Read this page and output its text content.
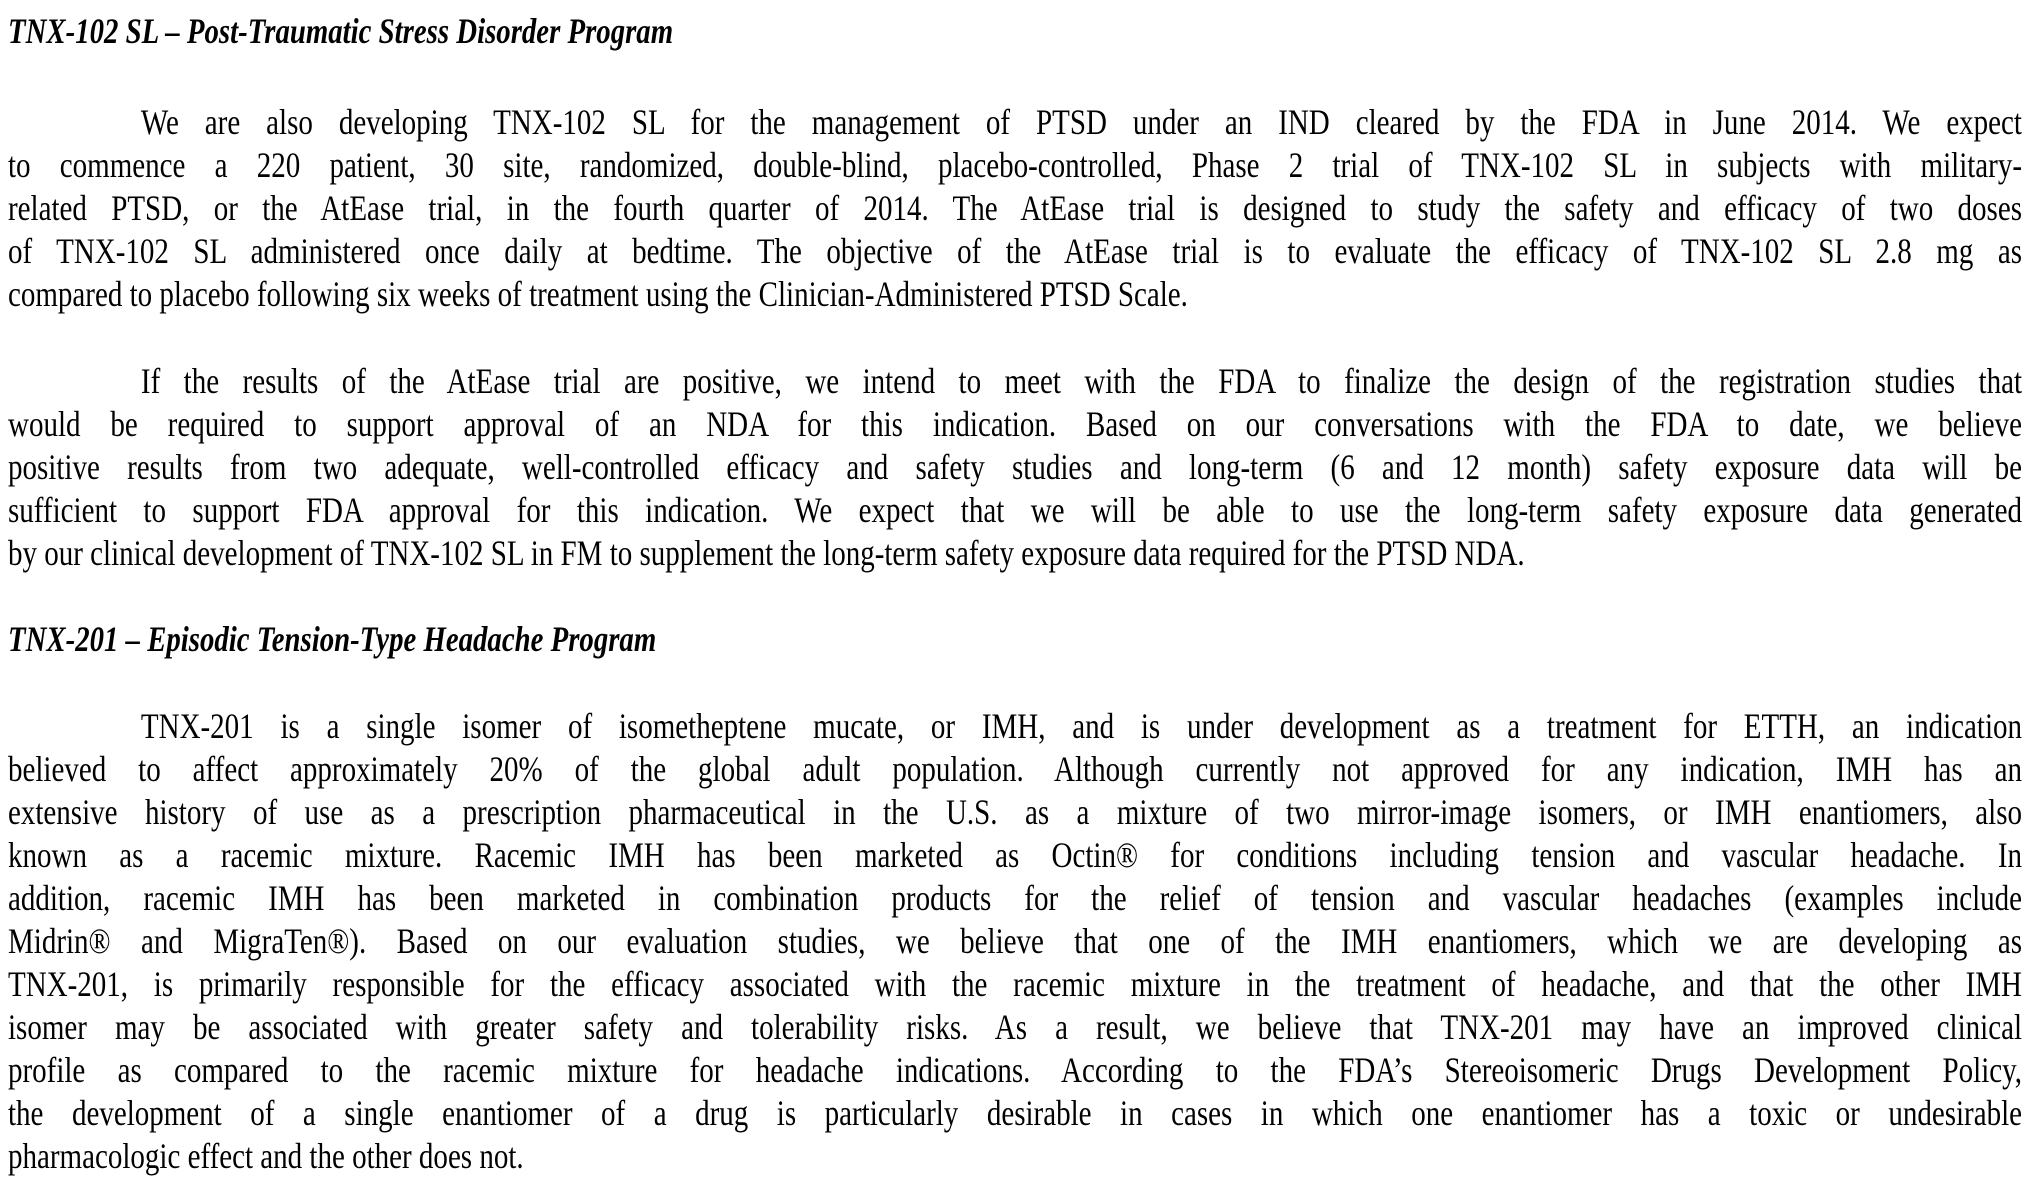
TNX-102 SL – Post-Traumatic Stress Disorder Program
We are also developing TNX-102 SL for the management of PTSD under an IND cleared by the FDA in June 2014. We expect
to commence a 220 patient, 30 site, randomized, double-blind, placebo-controlled, Phase 2 trial of TNX-102 SL in subjects with military-
related PTSD, or the AtEase trial, in the fourth quarter of 2014. The AtEase trial is designed to study the safety and efficacy of two doses
of TNX-102 SL administered once daily at bedtime. The objective of the AtEase trial is to evaluate the efficacy of TNX-102 SL 2.8 mg as
compared to placebo following six weeks of treatment using the Clinician-Administered PTSD Scale.
If the results of the AtEase trial are positive, we intend to meet with the FDA to finalize the design of the registration studies that
would be required to support approval of an NDA for this indication. Based on our conversations with the FDA to date, we believe
positive results from two adequate, well-controlled efficacy and safety studies and long-term (6 and 12 month) safety exposure data will be
sufficient to support FDA approval for this indication. We expect that we will be able to use the long-term safety exposure data generated
by our clinical development of TNX-102 SL in FM to supplement the long-term safety exposure data required for the PTSD NDA.
TNX-201 – Episodic Tension-Type Headache Program
TNX-201 is a single isomer of isometheptene mucate, or IMH, and is under development as a treatment for ETTH, an indication
believed to affect approximately 20% of the global adult population. Although currently not approved for any indication, IMH has an
extensive history of use as a prescription pharmaceutical in the U.S. as a mixture of two mirror-image isomers, or IMH enantiomers, also
known as a racemic mixture. Racemic IMH has been marketed as Octin® for conditions including tension and vascular headache. In
addition, racemic IMH has been marketed in combination products for the relief of tension and vascular headaches (examples include
Midrin® and MigraTen®). Based on our evaluation studies, we believe that one of the IMH enantiomers, which we are developing as
TNX-201, is primarily responsible for the efficacy associated with the racemic mixture in the treatment of headache, and that the other IMH
isomer may be associated with greater safety and tolerability risks. As a result, we believe that TNX-201 may have an improved clinical
profile as compared to the racemic mixture for headache indications. According to the FDA’s Stereoisomeric Drugs Development Policy,
the development of a single enantiomer of a drug is particularly desirable in cases in which one enantiomer has a toxic or undesirable
pharmacologic effect and the other does not.
